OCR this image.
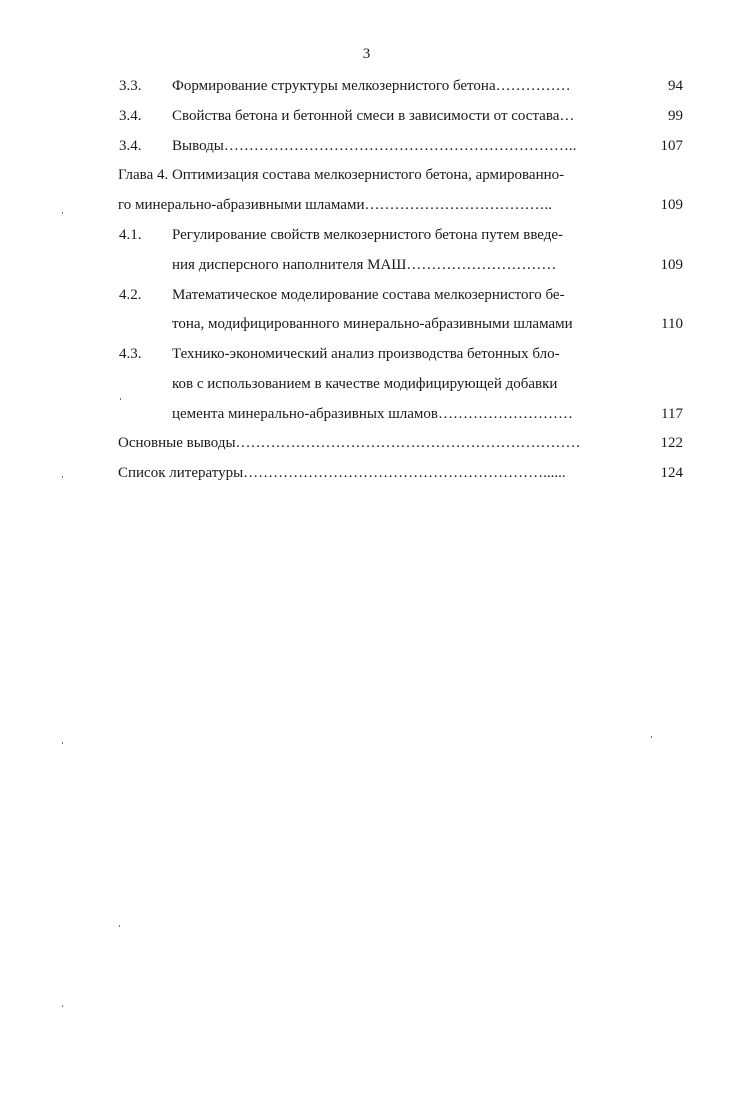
3
3.3. Формирование структуры мелкозернистого бетона……………	94
3.4. Свойства бетона и бетонной смеси в зависимости от состава…	99
3.4. Выводы……………………………………………………………..	107
Глава 4. Оптимизация состава мелкозернистого бетона, армированно-
го минерально-абразивными шламами………………………………..	109
4.1. Регулирование свойств мелкозернистого бетона путем введе-
ния дисперсного наполнителя МАШ…………………………	109
4.2. Математическое моделирование состава мелкозернистого бе-
тона, модифицированного минерально-абразивными шламами	110
4.3. Технико-экономический анализ производства бетонных бло-
ков с использованием в качестве модифицирующей добавки
цемента минерально-абразивных шламов………………………	117
Основные выводы……………………………………………………………	122
Список литературы……………………………………………………......	124
